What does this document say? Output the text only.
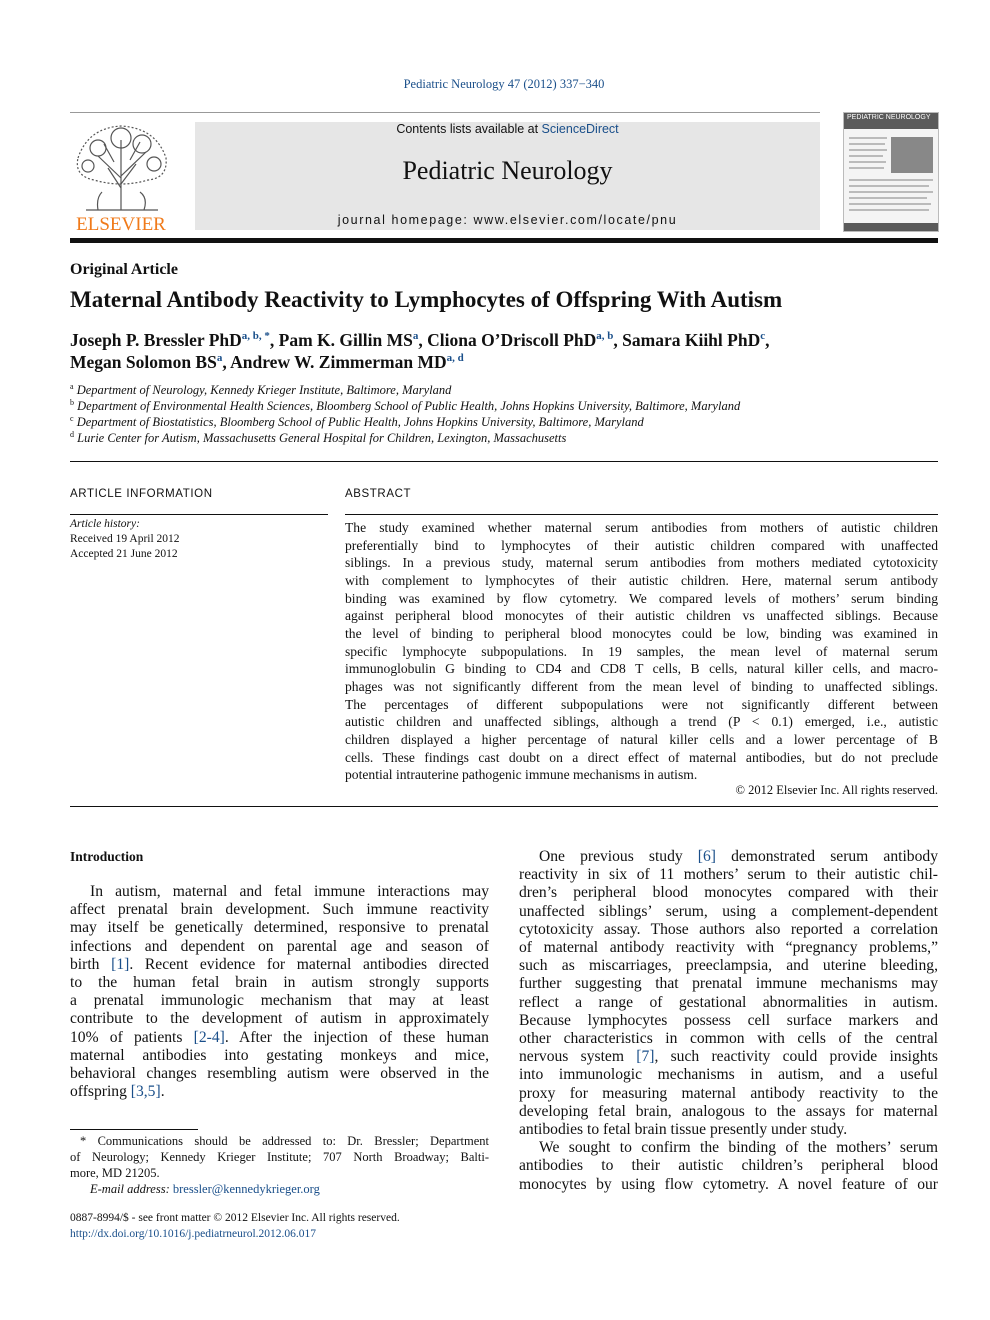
Pediatric Neurology 47 (2012) 337−340
ELSEVIER
Contents lists available at ScienceDirect
Pediatric Neurology
journal homepage: www.elsevier.com/locate/pnu
PEDIATRIC NEUROLOGY
Original Article
Maternal Antibody Reactivity to Lymphocytes of Offspring With Autism
Joseph P. Bressler PhD$^{a, b, *}$, Pam K. Gillin $MS^a$, Cliona O’Driscoll PhD$^{a, b}$, Samara Kiihl PhD$^c$,
Megan Solomon $BS^a$, Andrew W. Zimmerman MD$^{a, d}$
$^a$ Department of Neurology, Kennedy Krieger Institute, Baltimore, Maryland
$^b$ Department of Environmental Health Sciences, Bloomberg School of Public Health, Johns Hopkins University, Baltimore, Maryland
$^c$ Department of Biostatistics, Bloomberg School of Public Health, Johns Hopkins University, Baltimore, Maryland
$^d$ Lurie Center for Autism, Massachusetts General Hospital for Children, Lexington, Massachusetts
ARTICLE INFORMATION	ABSTRACT
Article history:
Received 19 April 2012
Accepted 21 June 2012
The study examined whether maternal serum antibodies from mothers of autistic children
preferentially bind to lymphocytes of their autistic children compared with unaffected
siblings. In a previous study, maternal serum antibodies from mothers mediated cytotoxicity
with complement to lymphocytes of their autistic children. Here, maternal serum antibody
binding was examined by flow cytometry. We compared levels of mothers’ serum binding
against peripheral blood monocytes of their autistic children vs unaffected siblings. Because
the level of binding to peripheral blood monocytes could be low, binding was examined in
specific lymphocyte subpopulations. In 19 samples, the mean level of maternal serum
immunoglobulin G binding to CD4 and CD8 T cells, B cells, natural killer cells, and macro-
phages was not significantly different from the mean level of binding to unaffected siblings.
The percentages of different subpopulations were not significantly different between
autistic children and unaffected siblings, although a trend (P < 0.1) emerged, i.e., autistic
children displayed a higher percentage of natural killer cells and a lower percentage of B
cells. These findings cast doubt on a direct effect of maternal antibodies, but do not preclude
potential intrauterine pathogenic immune mechanisms in autism.
© 2012 Elsevier Inc. All rights reserved.
Introduction
In autism, maternal and fetal immune interactions may
affect prenatal brain development. Such immune reactivity
may itself be genetically determined, responsive to prenatal
infections and dependent on parental age and season of
birth [1]. Recent evidence for maternal antibodies directed
to the human fetal brain in autism strongly supports
a prenatal immunologic mechanism that may at least
contribute to the development of autism in approximately
10% of patients [2-4]. After the injection of these human
maternal antibodies into gestating monkeys and mice,
behavioral changes resembling autism were observed in the
offspring [3,5].
One previous study [6] demonstrated serum antibody
reactivity in six of 11 mothers’ serum to their autistic chil-
dren’s peripheral blood monocytes compared with their
unaffected siblings’ serum, using a complement-dependent
cytotoxicity assay. Those authors also reported a correlation
of maternal antibody reactivity with “pregnancy problems,”
such as miscarriages, preeclampsia, and uterine bleeding,
further suggesting that prenatal immune mechanisms may
reflect a range of gestational abnormalities in autism.
Because lymphocytes possess cell surface markers and
other characteristics in common with cells of the central
nervous system [7], such reactivity could provide insights
into immunologic mechanisms in autism, and a useful
proxy for measuring maternal antibody reactivity to the
developing fetal brain, analogous to the assays for maternal
antibodies to fetal brain tissue presently under study.
We sought to confirm the binding of the mothers’ serum
antibodies to their autistic children’s peripheral blood
monocytes by using flow cytometry. A novel feature of our
* Communications should be addressed to: Dr. Bressler; Department
of Neurology; Kennedy Krieger Institute; 707 North Broadway; Balti-
more, MD 21205.
E-mail address: bressler@kennedykrieger.org
0887-8994/$ - see front matter © 2012 Elsevier Inc. All rights reserved.
http://dx.doi.org/10.1016/j.pediatrneurol.2012.06.017
